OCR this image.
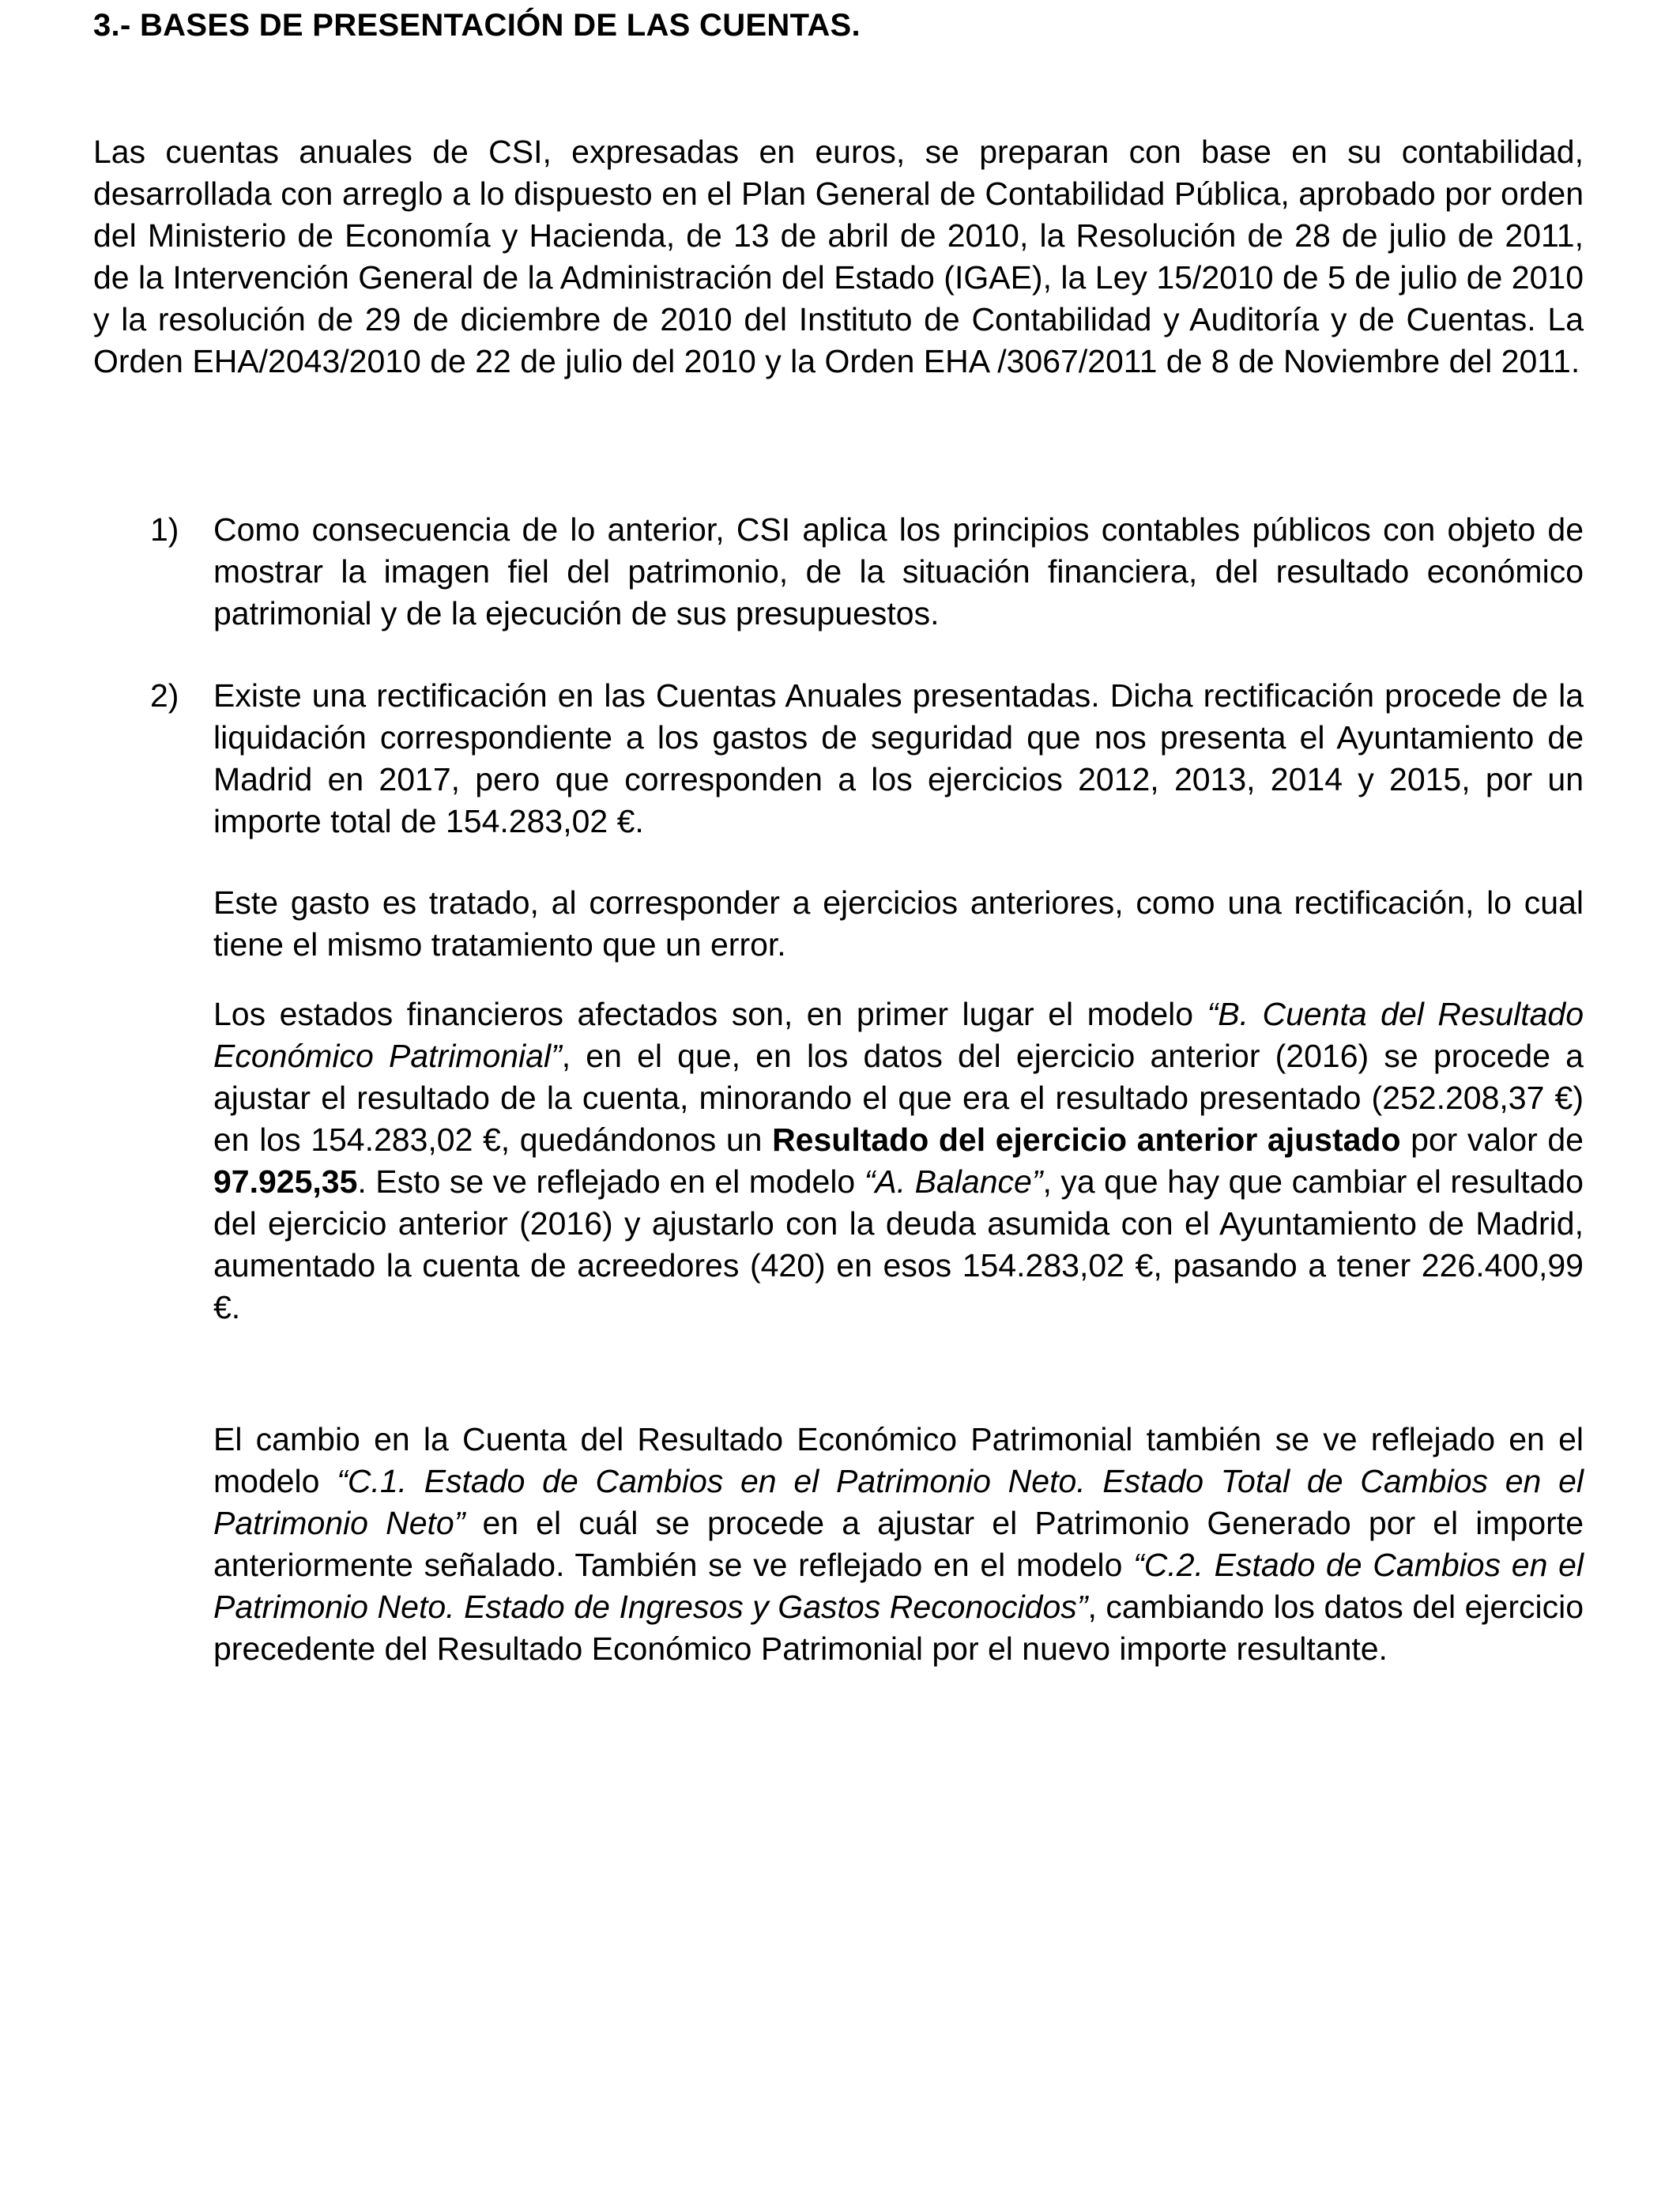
3.- BASES DE PRESENTACIÓN DE LAS CUENTAS.

Las cuentas anuales de CSI, expresadas en euros, se preparan con base en su contabilidad, desarrollada con arreglo a lo dispuesto en el Plan General de Contabilidad Pública, aprobado por orden del Ministerio de Economía y Hacienda, de 13 de abril de 2010, la Resolución de 28 de julio de 2011, de la Intervención General de la Administración del Estado (IGAE), la Ley 15/2010 de 5 de julio de 2010 y la resolución de 29 de diciembre de 2010 del Instituto de Contabilidad y Auditoría y de Cuentas. La Orden EHA/2043/2010 de 22 de julio del 2010 y la Orden EHA /3067/2011 de 8 de Noviembre del 2011.

1) Como consecuencia de lo anterior, CSI aplica los principios contables públicos con objeto de mostrar la imagen fiel del patrimonio, de la situación financiera, del resultado económico patrimonial y de la ejecución de sus presupuestos.

2) Existe una rectificación en las Cuentas Anuales presentadas. Dicha rectificación procede de la liquidación correspondiente a los gastos de seguridad que nos presenta el Ayuntamiento de Madrid en 2017, pero que corresponden a los ejercicios 2012, 2013, 2014 y 2015, por un importe total de 154.283,02 €.

Este gasto es tratado, al corresponder a ejercicios anteriores, como una rectificación, lo cual tiene el mismo tratamiento que un error.

Los estados financieros afectados son, en primer lugar el modelo “B. Cuenta del Resultado Económico Patrimonial”, en el que, en los datos del ejercicio anterior (2016) se procede a ajustar el resultado de la cuenta, minorando el que era el resultado presentado (252.208,37 €) en los 154.283,02 €, quedándonos un Resultado del ejercicio anterior ajustado por valor de 97.925,35. Esto se ve reflejado en el modelo “A. Balance”, ya que hay que cambiar el resultado del ejercicio anterior (2016) y ajustarlo con la deuda asumida con el Ayuntamiento de Madrid, aumentado la cuenta de acreedores (420) en esos 154.283,02 €, pasando a tener 226.400,99 €.

El cambio en la Cuenta del Resultado Económico Patrimonial también se ve reflejado en el modelo “C.1. Estado de Cambios en el Patrimonio Neto. Estado Total de Cambios en el Patrimonio Neto” en el cuál se procede a ajustar el Patrimonio Generado por el importe anteriormente señalado. También se ve reflejado en el modelo “C.2. Estado de Cambios en el Patrimonio Neto. Estado de Ingresos y Gastos Reconocidos”, cambiando los datos del ejercicio precedente del Resultado Económico Patrimonial por el nuevo importe resultante.
